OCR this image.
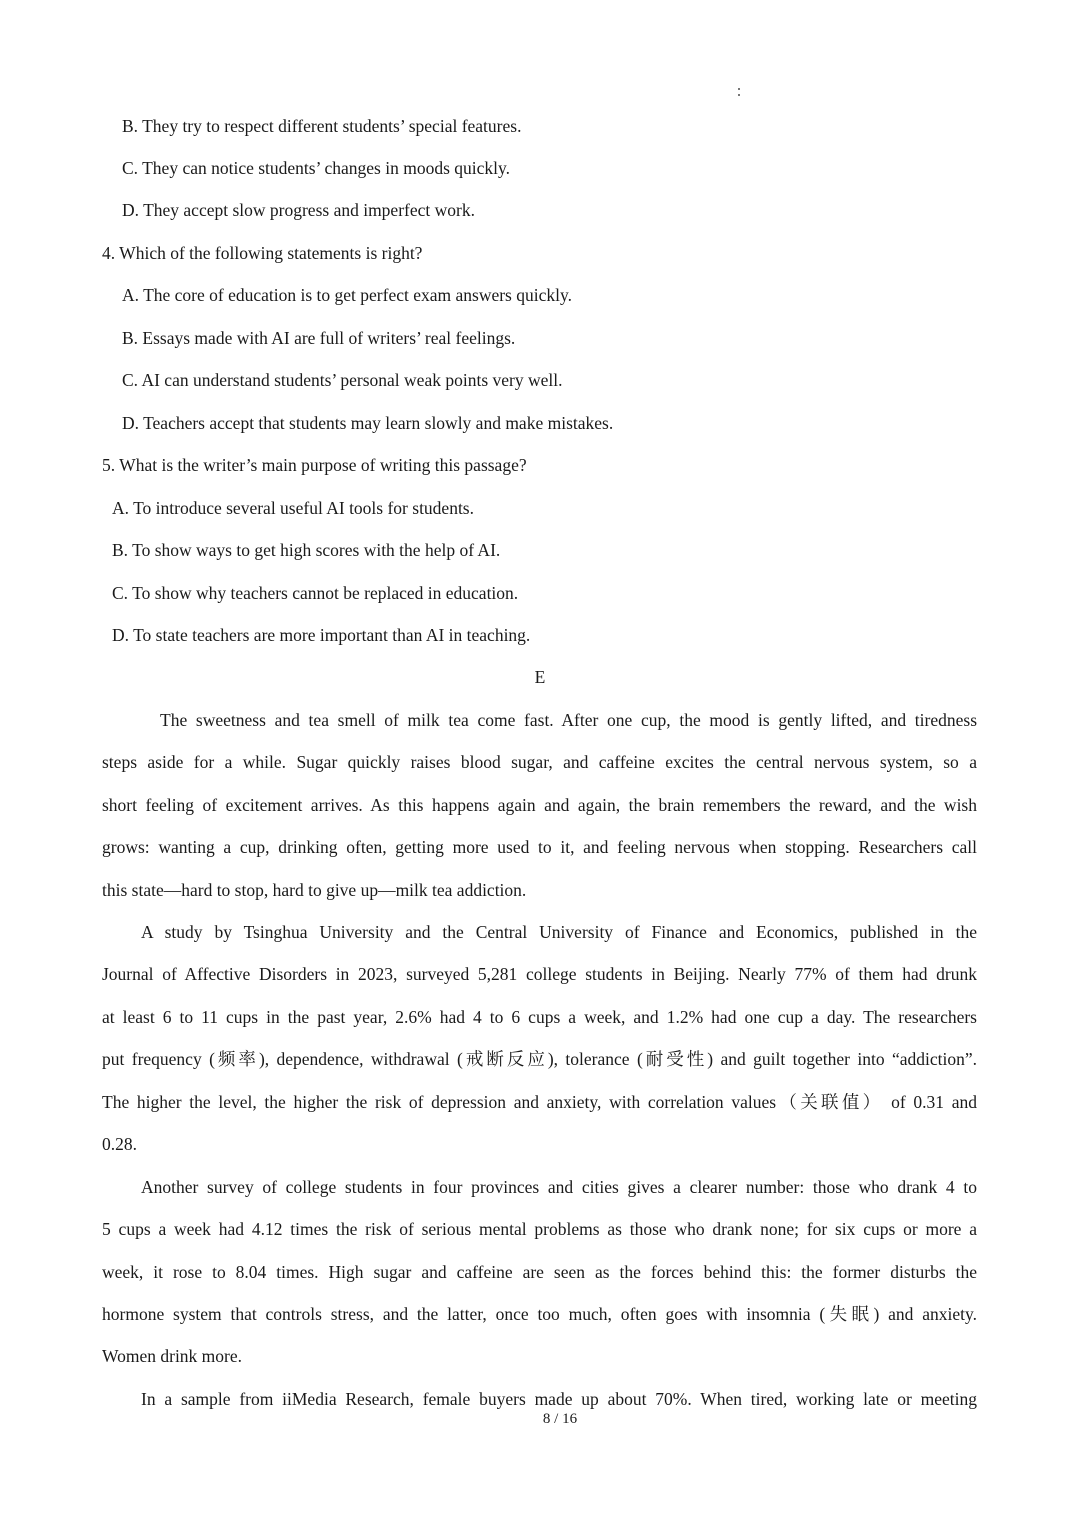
B. They try to respect different students’ special features.
C. They can notice students’ changes in moods quickly.
D. They accept slow progress and imperfect work.
4. Which of the following statements is right?
A. The core of education is to get perfect exam answers quickly.
B. Essays made with AI are full of writers’ real feelings.
C. AI can understand students’ personal weak points very well.
D. Teachers accept that students may learn slowly and make mistakes.
5. What is the writer’s main purpose of writing this passage?
A. To introduce several useful AI tools for students.
B. To show ways to get high scores with the help of AI.
C. To show why teachers cannot be replaced in education.
D. To state teachers are more important than AI in teaching.
E
The sweetness and tea smell of milk tea come fast. After one cup, the mood is gently lifted, and tiredness
steps aside for a while. Sugar quickly raises blood sugar, and caffeine excites the central nervous system, so a
short feeling of excitement arrives. As this happens again and again, the brain remembers the reward, and the wish
grows: wanting a cup, drinking often, getting more used to it, and feeling nervous when stopping. Researchers call
this state—hard to stop, hard to give up—milk tea addiction.
A study by Tsinghua University and the Central University of Finance and Economics, published in the
Journal of Affective Disorders in 2023, surveyed 5,281 college students in Beijing. Nearly 77% of them had drunk
at least 6 to 11 cups in the past year, 2.6% had 4 to 6 cups a week, and 1.2% had one cup a day. The researchers
put frequency (频率), dependence, withdrawal (戒断反应), tolerance (耐受性) and guilt together into “addiction”.
The higher the level, the higher the risk of depression and anxiety, with correlation values（关联值） of 0.31 and
0.28.
Another survey of college students in four provinces and cities gives a clearer number: those who drank 4 to
5 cups a week had 4.12 times the risk of serious mental problems as those who drank none; for six cups or more a
week, it rose to 8.04 times. High sugar and caffeine are seen as the forces behind this: the former disturbs the
hormone system that controls stress, and the latter, once too much, often goes with insomnia (失眠) and anxiety.
Women drink more.
In a sample from iiMedia Research, female buyers made up about 70%. When tired, working late or meeting
8 / 16
